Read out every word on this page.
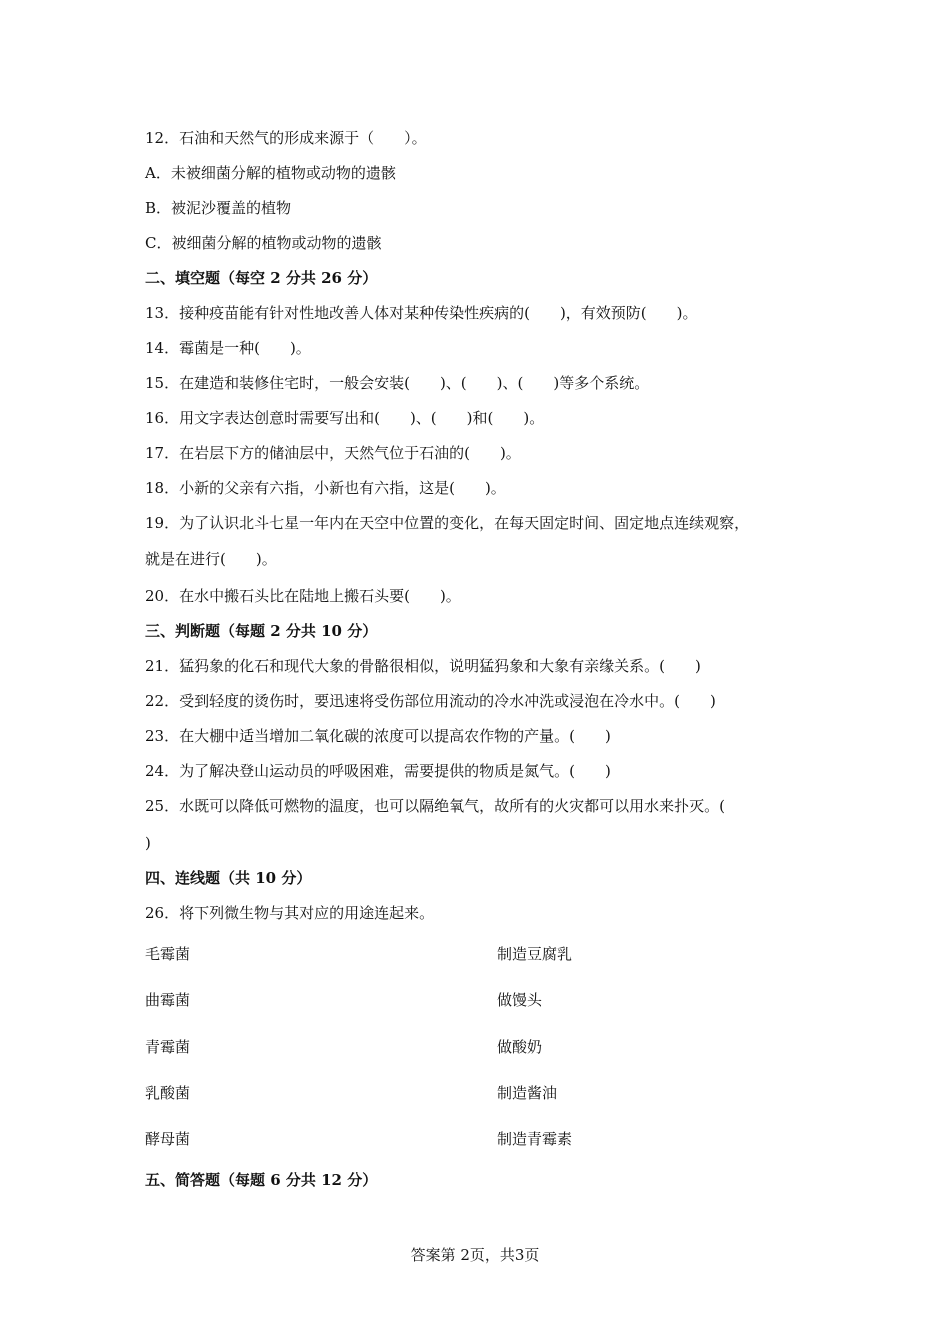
12．石油和天然气的形成来源于（　　）。
A．未被细菌分解的植物或动物的遗骸
B．被泥沙覆盖的植物
C．被细菌分解的植物或动物的遗骸
二、填空题（每空 2 分共 26 分）
13．接种疫苗能有针对性地改善人体对某种传染性疾病的(　　)，有效预防(　　)。
14．霉菌是一种(　　)。
15．在建造和装修住宅时，一般会安装(　　)、(　　)、(　　)等多个系统。
16．用文字表达创意时需要写出和(　　)、(　　)和(　　)。
17．在岩层下方的储油层中，天然气位于石油的(　　)。
18．小新的父亲有六指，小新也有六指，这是(　　)。
19．为了认识北斗七星一年内在天空中位置的变化，在每天固定时间、固定地点连续观察，
就是在进行(　　)。
20．在水中搬石头比在陆地上搬石头要(　　)。
三、判断题（每题 2 分共 10 分）
21．猛犸象的化石和现代大象的骨骼很相似，说明猛犸象和大象有亲缘关系。(　　)
22．受到轻度的烫伤时，要迅速将受伤部位用流动的冷水冲洗或浸泡在冷水中。(　　)
23．在大棚中适当增加二氧化碳的浓度可以提高农作物的产量。(　　)
24．为了解决登山运动员的呼吸困难，需要提供的物质是氮气。(　　)
25．水既可以降低可燃物的温度，也可以隔绝氧气，故所有的火灾都可以用水来扑灭。(
)
四、连线题（共 10 分）
26．将下列微生物与其对应的用途连起来。
毛霉菌
曲霉菌
青霉菌
乳酸菌
酵母菌
制造豆腐乳
做馒头
做酸奶
制造酱油
制造青霉素
五、简答题（每题 6 分共 12 分）
答案第 2页，共3页
